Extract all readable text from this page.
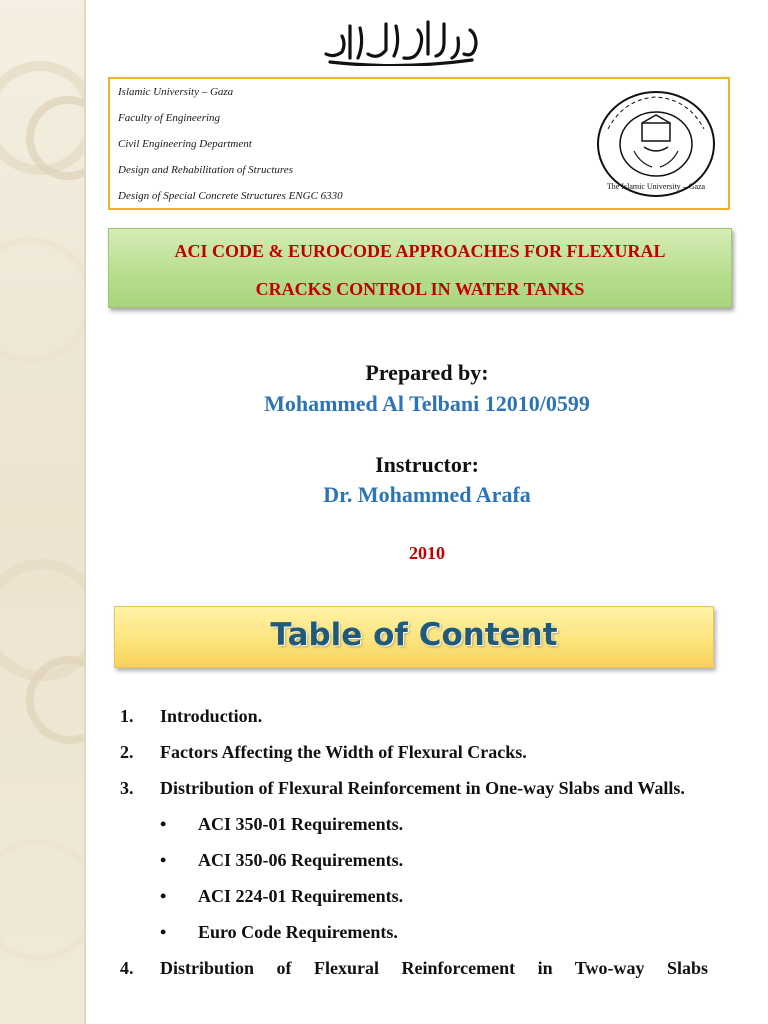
Islamic University – Gaza
Faculty of Engineering
Civil Engineering Department
Design and Rehabilitation of Structures
Design of Special Concrete Structures ENGC 6330
The Islamic University – Gaza
ACI CODE & EUROCODE APPROACHES FOR FLEXURAL
CRACKS CONTROL IN WATER TANKS
Prepared by:
Mohammed Al Telbani 12010/0599
Instructor:
Dr. Mohammed Arafa
2010
Table of Content
1. Introduction.
2. Factors Affecting the Width of Flexural Cracks.
3. Distribution of Flexural Reinforcement in One-way Slabs and Walls.
• ACI 350-01 Requirements.
• ACI 350-06 Requirements.
• ACI 224-01 Requirements.
• Euro Code Requirements.
4. Distribution of Flexural Reinforcement in Two-way Slabs
